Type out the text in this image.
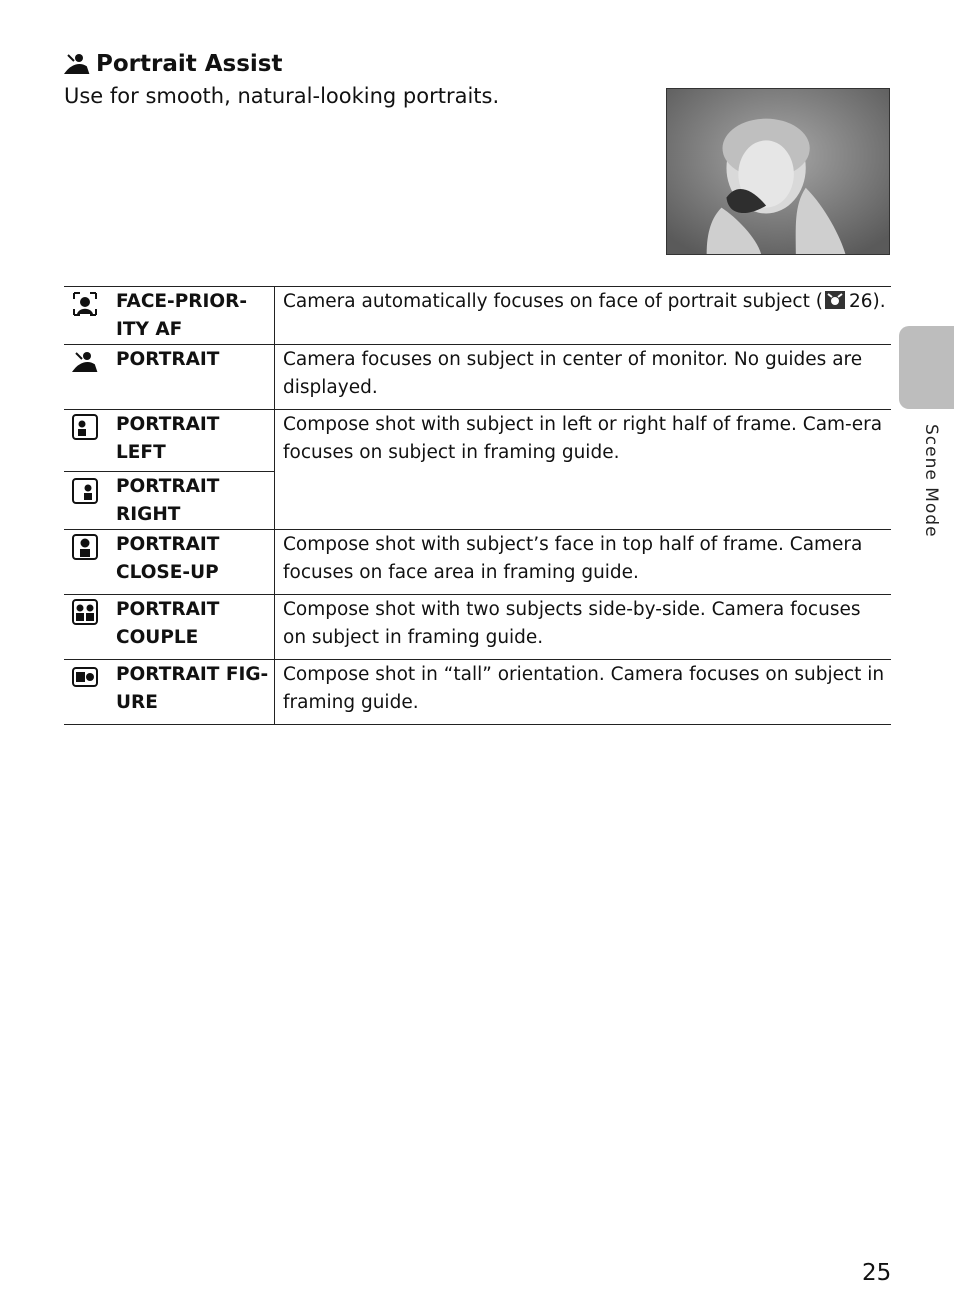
Portrait Assist

Use for smooth, natural-looking portraits.

	FACE-PRIOR-ITY AF	Camera automatically focuses on face of portrait subject ( 26).

	PORTRAIT	Camera focuses on subject in center of monitor. No guides are displayed.

	PORTRAIT LEFT	Compose shot with subject in left or right half of frame. Cam-era focuses on subject in framing guide.

	PORTRAIT RIGHT	

	PORTRAIT CLOSE-UP	Compose shot with subject’s face in top half of frame. Camera focuses on face area in framing guide.

	PORTRAIT COUPLE	Compose shot with two subjects side-by-side. Camera focuses on subject in framing guide.

	PORTRAIT FIG-URE	Compose shot in “tall” orientation. Camera focuses on subject in framing guide.
Scene Mode
25
